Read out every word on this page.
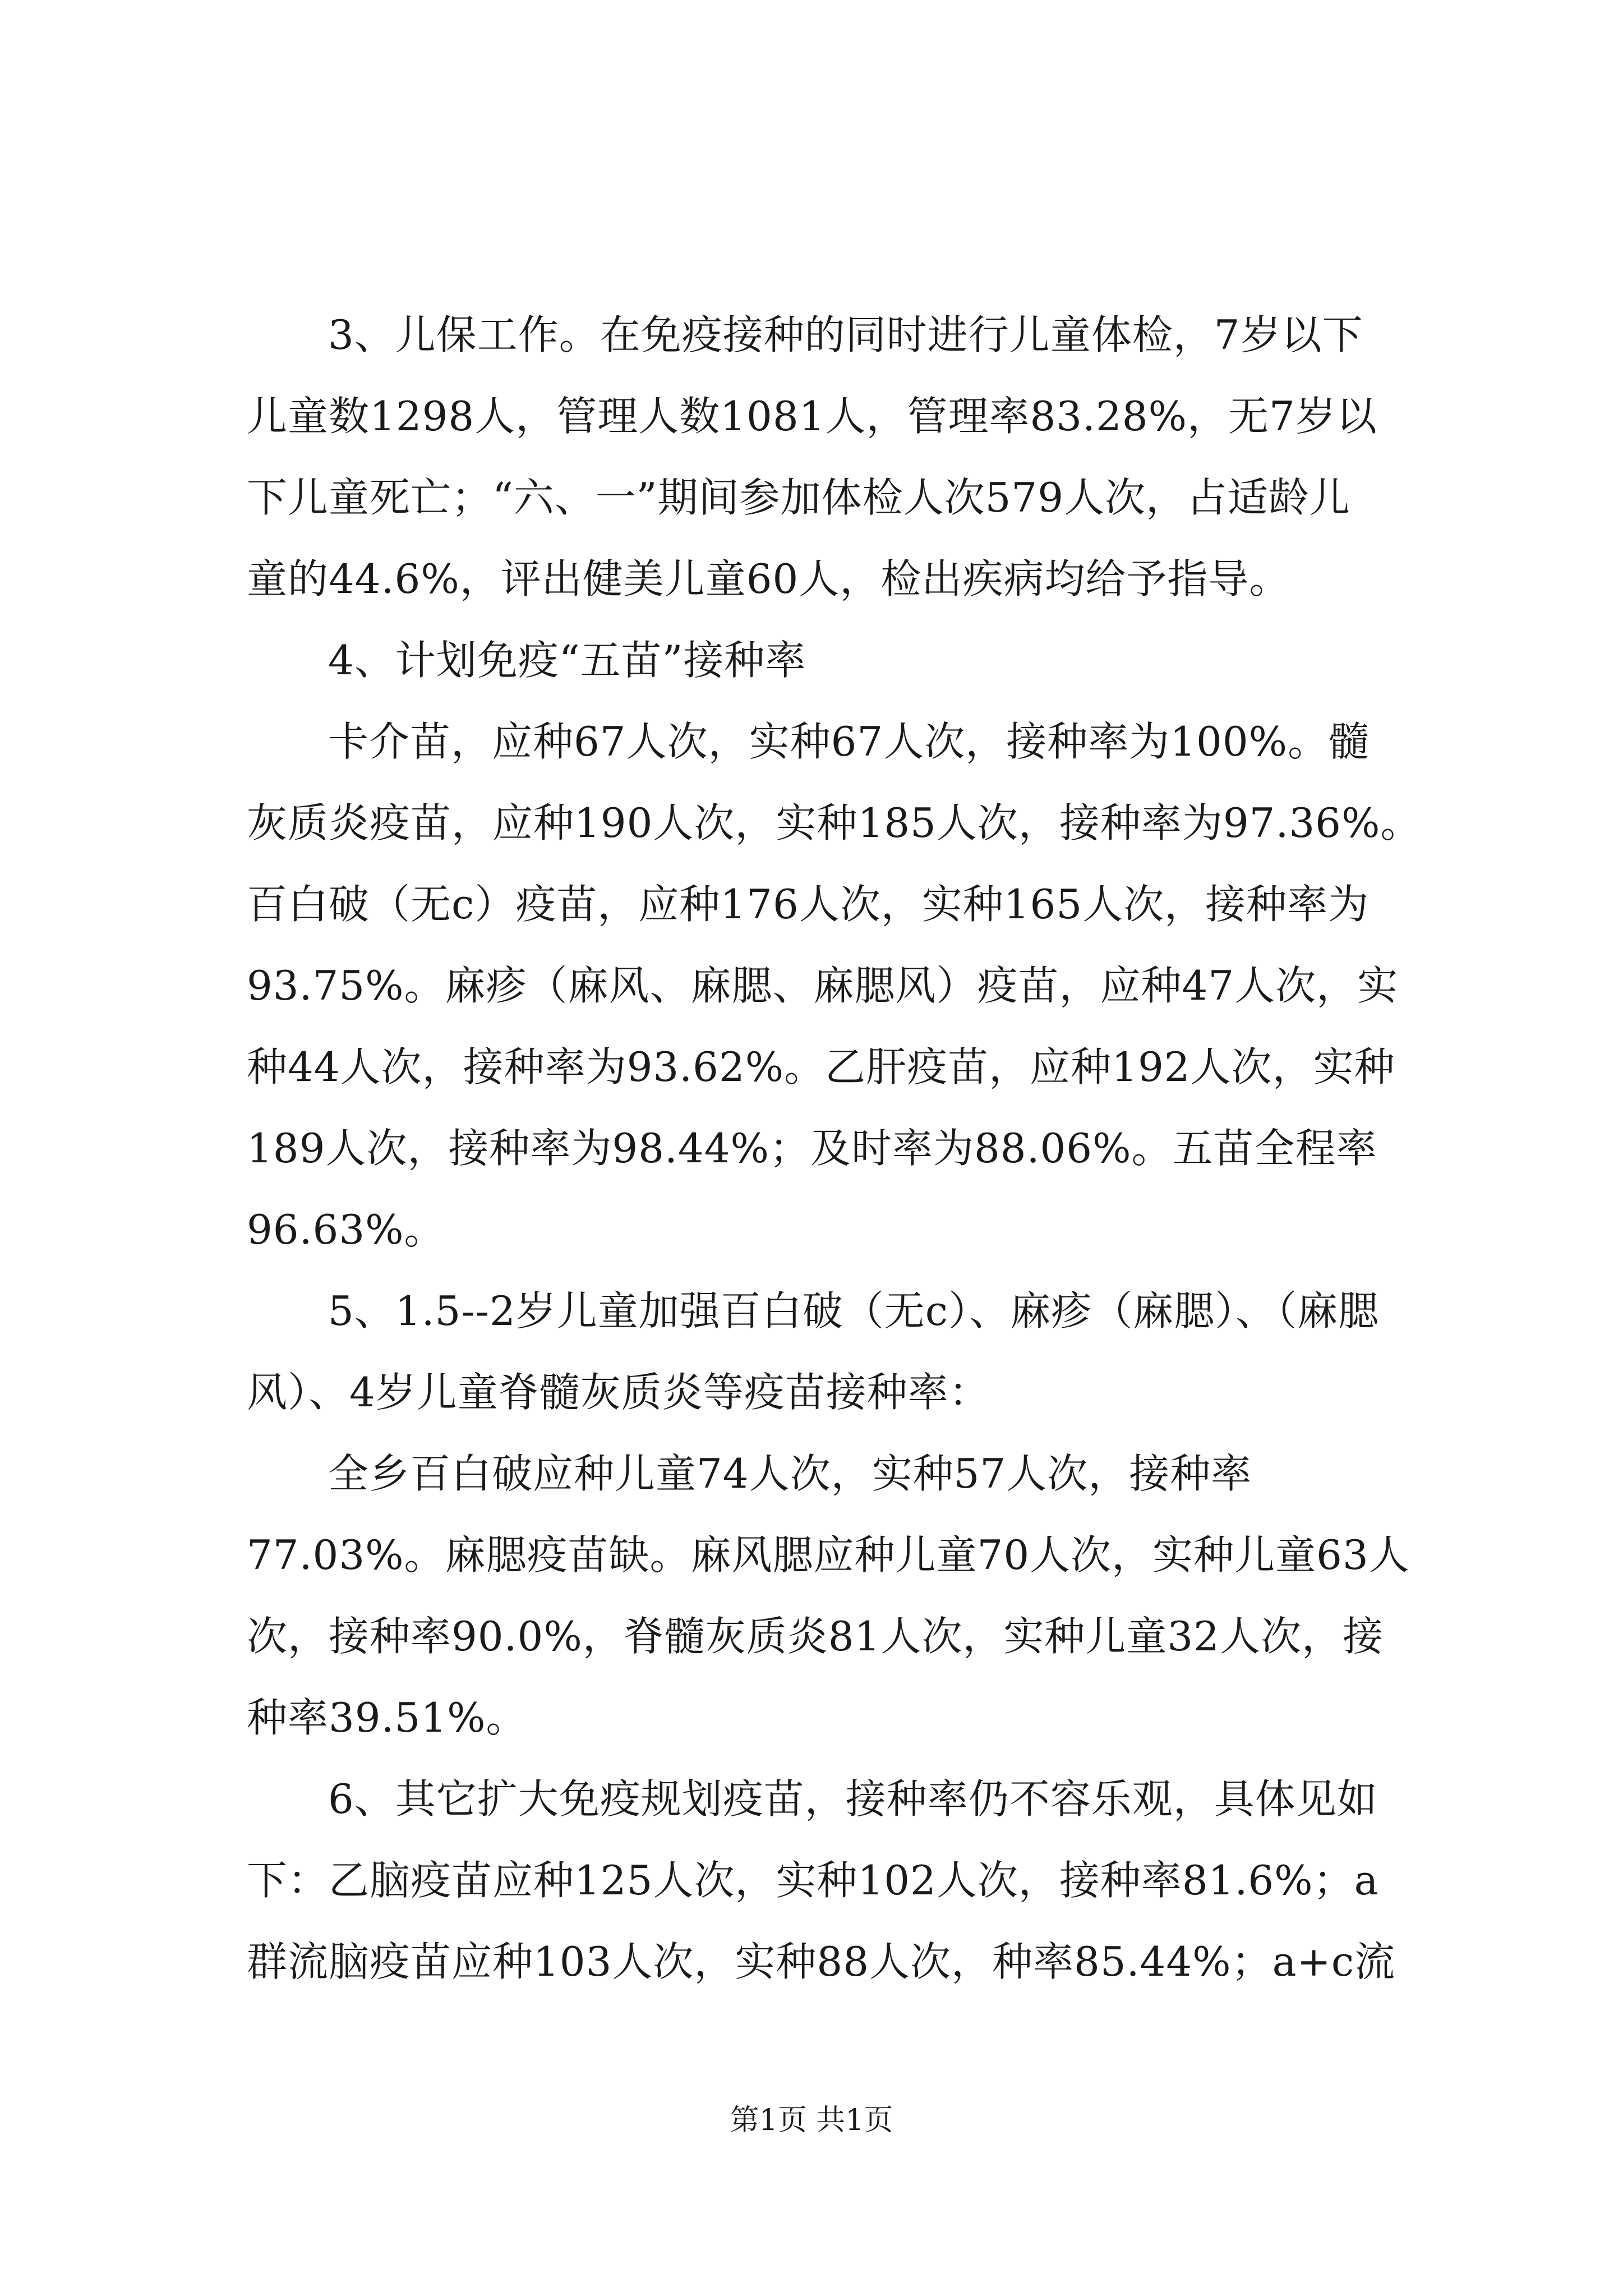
3、儿保工作。在免疫接种的同时进行儿童体检，7岁以下
儿童数1298人，管理人数1081人，管理率83.28%，无7岁以
下儿童死亡；“六、一”期间参加体检人次579人次，占适龄儿
童的44.6%，评出健美儿童60人，检出疾病均给予指导。
4、计划免疫“五苗”接种率
卡介苗，应种67人次，实种67人次，接种率为100%。髓
灰质炎疫苗，应种190人次，实种185人次，接种率为97.36%。
百白破（无c）疫苗，应种176人次，实种165人次，接种率为
93.75%。麻疹（麻风、麻腮、麻腮风）疫苗，应种47人次，实
种44人次，接种率为93.62%。乙肝疫苗，应种192人次，实种
189人次，接种率为98.44%；及时率为88.06%。五苗全程率
96.63%。
5、1.5--2岁儿童加强百白破（无c）、麻疹（麻腮）、（麻腮
风）、4岁儿童脊髓灰质炎等疫苗接种率：
全乡百白破应种儿童74人次，实种57人次，接种率
77.03%。麻腮疫苗缺。麻风腮应种儿童70人次，实种儿童63人
次，接种率90.0%，脊髓灰质炎81人次，实种儿童32人次，接
种率39.51%。
6、其它扩大免疫规划疫苗，接种率仍不容乐观，具体见如
下：乙脑疫苗应种125人次，实种102人次，接种率81.6%；a
群流脑疫苗应种103人次，实种88人次，种率85.44%；a+c流
第1页 共1页
